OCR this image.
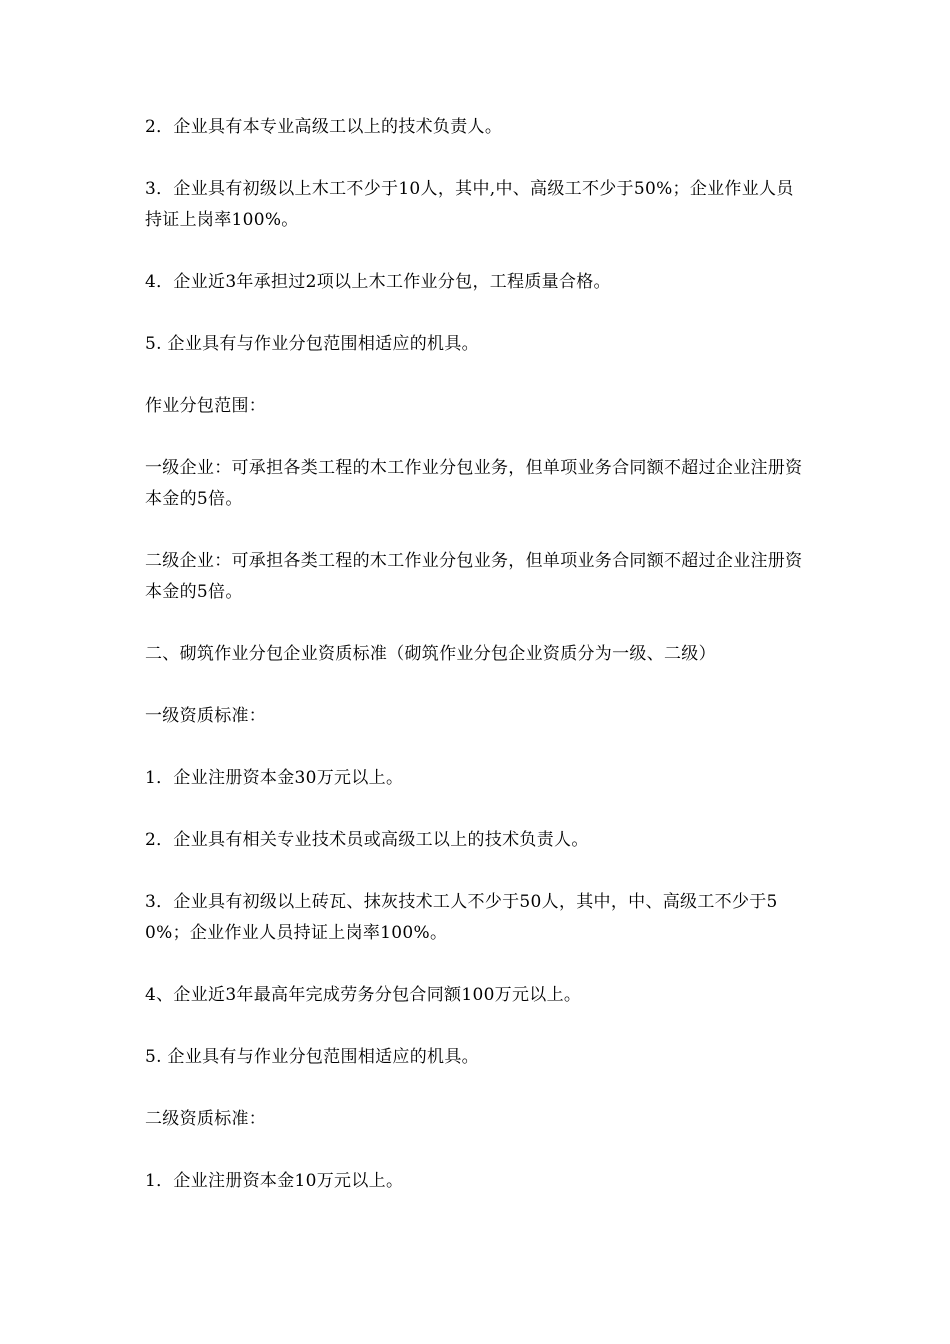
2．企业具有本专业高级工以上的技术负责人。

3．企业具有初级以上木工不少于10人，其中,中、高级工不少于50%；企业作业人员持证上岗率100%。

4．企业近3年承担过2项以上木工作业分包，工程质量合格。

5. 企业具有与作业分包范围相适应的机具。

作业分包范围：

一级企业：可承担各类工程的木工作业分包业务，但单项业务合同额不超过企业注册资本金的5倍。

二级企业：可承担各类工程的木工作业分包业务，但单项业务合同额不超过企业注册资本金的5倍。

二、砌筑作业分包企业资质标准（砌筑作业分包企业资质分为一级、二级）

一级资质标准：

1．企业注册资本金30万元以上。

2．企业具有相关专业技术员或高级工以上的技术负责人。

3．企业具有初级以上砖瓦、抹灰技术工人不少于50人，其中，中、高级工不少于50%；企业作业人员持证上岗率100%。

4、企业近3年最高年完成劳务分包合同额100万元以上。

5. 企业具有与作业分包范围相适应的机具。

二级资质标准：

1．企业注册资本金10万元以上。
